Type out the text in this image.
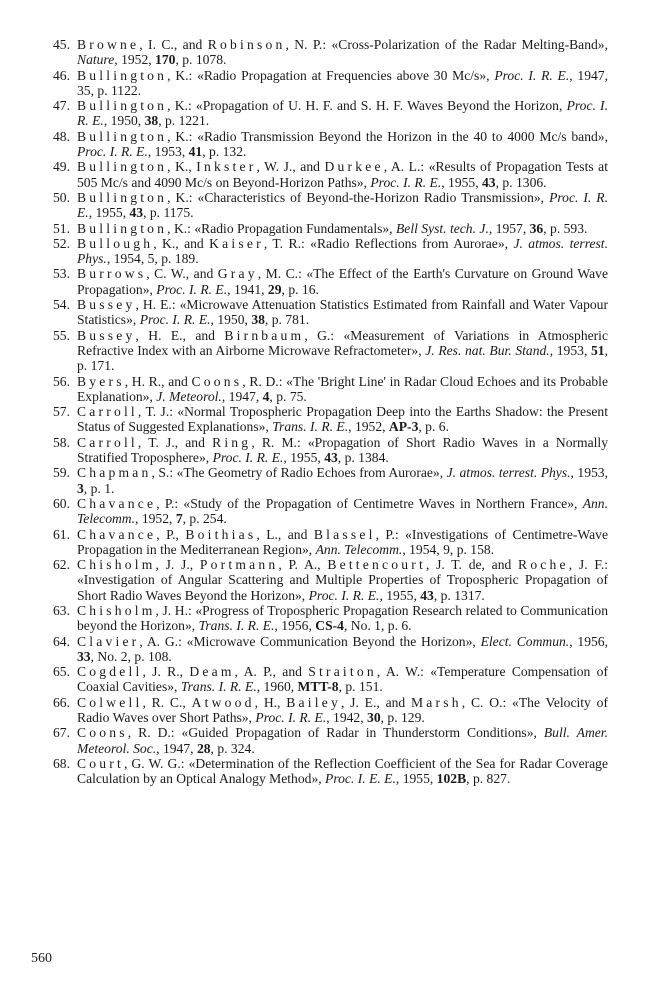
45. Browne, I. C., and Robinson, N. P.: «Cross-Polarization of the Radar Melting-Band», Nature, 1952, 170, p. 1078.

46. Bullington, K.: «Radio Propagation at Frequencies above 30 Mc/s», Proc. I. R. E., 1947, 35, p. 1122.

47. Bullington, K.: «Propagation of U. H. F. and S. H. F. Waves Beyond the Horizon, Proc. I. R. E., 1950, 38, p. 1221.

48. Bullington, K.: «Radio Transmission Beyond the Horizon in the 40 to 4000 Mc/s band», Proc. I. R. E., 1953, 41, p. 132.

49. Bullington, K., Inkster, W. J., and Durkee, A. L.: «Results of Propagation Tests at 505 Mc/s and 4090 Mc/s on Beyond-Horizon Paths», Proc. I. R. E., 1955, 43, p. 1306.

50. Bullington, K.: «Characteristics of Beyond-the-Horizon Radio Transmission», Proc. I. R. E., 1955, 43, p. 1175.

51. Bullington, K.: «Radio Propagation Fundamentals», Bell Syst. tech. J., 1957, 36, p. 593.

52. Bullough, K., and Kaiser, T. R.: «Radio Reflections from Aurorae», J. atmos. terrest. Phys., 1954, 5, p. 189.

53. Burrows, C. W., and Gray, M. C.: «The Effect of the Earth's Curvature on Ground Wave Propagation», Proc. I. R. E., 1941, 29, p. 16.

54. Bussey, H. E.: «Microwave Attenuation Statistics Estimated from Rainfall and Water Vapour Statistics», Proc. I. R. E., 1950, 38, p. 781.

55. Bussey, H. E., and Birnbaum, G.: «Measurement of Variations in Atmospheric Refractive Index with an Airborne Microwave Refractometer», J. Res. nat. Bur. Stand., 1953, 51, p. 171.

56. Byers, H. R., and Coons, R. D.: «The 'Bright Line' in Radar Cloud Echoes and its Probable Explanation», J. Meteorol., 1947, 4, p. 75.

57. Carroll, T. J.: «Normal Tropospheric Propagation Deep into the Earths Shadow: the Present Status of Suggested Explanations», Trans. I. R. E., 1952, AP-3, p. 6.

58. Carroll, T. J., and Ring, R. M.: «Propagation of Short Radio Waves in a Normally Stratified Troposphere», Proc. I. R. E., 1955, 43, p. 1384.

59. Chapman, S.: «The Geometry of Radio Echoes from Aurorae», J. atmos. terrest. Phys., 1953, 3, p. 1.

60. Chavance, P.: «Study of the Propagation of Centimetre Waves in Northern France», Ann. Telecomm., 1952, 7, p. 254.

61. Chavance, P., Boithias, L., and Blassel, P.: «Investigations of Centimetre-Wave Propagation in the Mediterranean Region», Ann. Telecomm., 1954, 9, p. 158.

62. Chisholm, J. J., Portmann, P. A., Bettencourt, J. T. de, and Roche, J. F.: «Investigation of Angular Scattering and Multiple Properties of Tropospheric Propagation of Short Radio Waves Beyond the Horizon», Proc. I. R. E., 1955, 43, p. 1317.

63. Chisholm, J. H.: «Progress of Tropospheric Propagation Research related to Communication beyond the Horizon», Trans. I. R. E., 1956, CS-4, No. 1, p. 6.

64. Clavier, A. G.: «Microwave Communication Beyond the Horizon», Elect. Commun., 1956, 33, No. 2, p. 108.

65. Cogdell, J. R., Deam, A. P., and Straiton, A. W.: «Temperature Compensation of Coaxial Cavities», Trans. I. R. E., 1960, MTT-8, p. 151.

66. Colwell, R. C., Atwood, H., Bailey, J. E., and Marsh, C. O.: «The Velocity of Radio Waves over Short Paths», Proc. I. R. E., 1942, 30, p. 129.

67. Coons, R. D.: «Guided Propagation of Radar in Thunderstorm Conditions», Bull. Amer. Meteorol. Soc., 1947, 28, p. 324.

68. Court, G. W. G.: «Determination of the Reflection Coefficient of the Sea for Radar Coverage Calculation by an Optical Analogy Method», Proc. I. E. E., 1955, 102B, p. 827.

560
